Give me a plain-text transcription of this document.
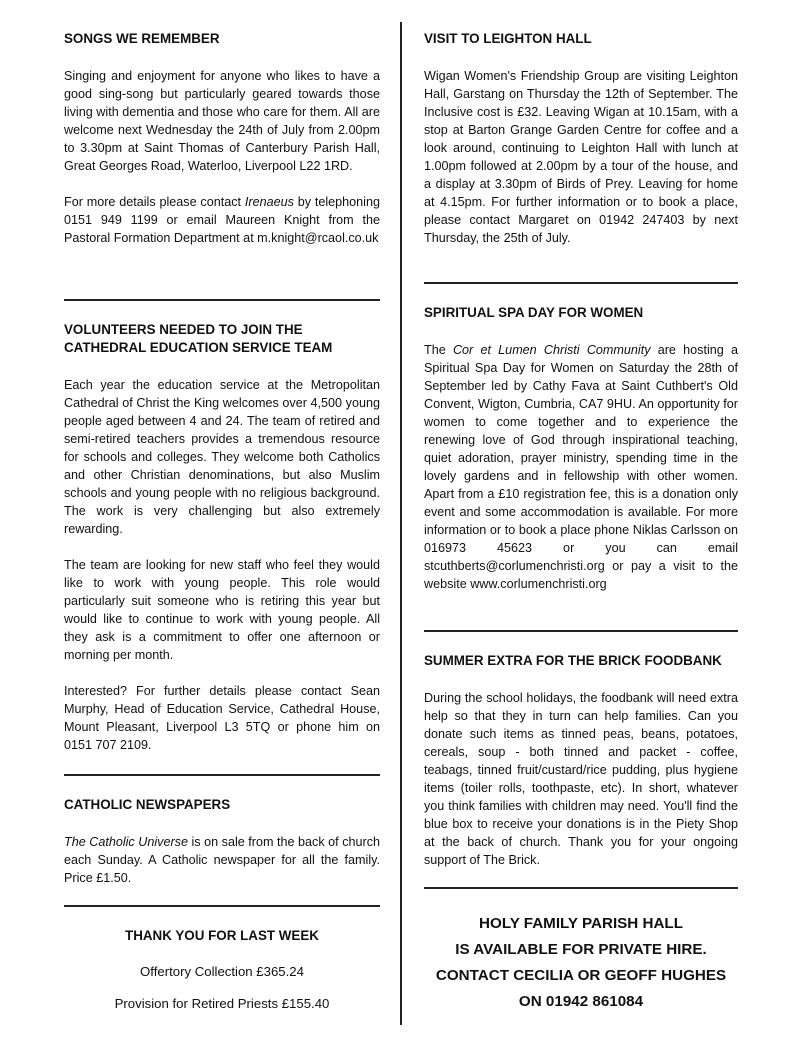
SONGS WE REMEMBER

Singing and enjoyment for anyone who likes to have a good sing-song but particularly geared towards those living with dementia and those who care for them. All are welcome next Wednesday the 24th of July from 2.00pm to 3.30pm at Saint Thomas of Canterbury Parish Hall, Great Georges Road, Waterloo, Liverpool L22 1RD.

For more details please contact Irenaeus by telephoning 0151 949 1199 or email Maureen Knight from the Pastoral Formation Department at m.knight@rcaol.co.uk

VOLUNTEERS NEEDED TO JOIN THE
CATHEDRAL EDUCATION SERVICE TEAM

Each year the education service at the Metropolitan Cathedral of Christ the King welcomes over 4,500 young people aged between 4 and 24. The team of retired and semi-retired teachers provides a tremendous resource for schools and colleges. They welcome both Catholics and other Christian denominations, but also Muslim schools and young people with no religious background. The work is very challenging but also extremely rewarding.

The team are looking for new staff who feel they would like to work with young people. This role would particularly suit someone who is retiring this year but would like to continue to work with young people. All they ask is a commitment to offer one afternoon or morning per month.

Interested? For further details please contact Sean Murphy, Head of Education Service, Cathedral House, Mount Pleasant, Liverpool L3 5TQ or phone him on 0151 707 2109.

CATHOLIC NEWSPAPERS

The Catholic Universe is on sale from the back of church each Sunday. A Catholic newspaper for all the family. Price £1.50.

THANK YOU FOR LAST WEEK
Offertory Collection £365.24
Provision for Retired Priests £155.40
VISIT TO LEIGHTON HALL

Wigan Women's Friendship Group are visiting Leighton Hall, Garstang on Thursday the 12th of September. The Inclusive cost is £32. Leaving Wigan at 10.15am, with a stop at Barton Grange Garden Centre for coffee and a look around, continuing to Leighton Hall with lunch at 1.00pm followed at 2.00pm by a tour of the house, and a display at 3.30pm of Birds of Prey. Leaving for home at 4.15pm. For further information or to book a place, please contact Margaret on 01942 247403 by next Thursday, the 25th of July.

SPIRITUAL SPA DAY FOR WOMEN

The Cor et Lumen Christi Community are hosting a Spiritual Spa Day for Women on Saturday the 28th of September led by Cathy Fava at Saint Cuthbert's Old Convent, Wigton, Cumbria, CA7 9HU. An opportunity for women to come together and to experience the renewing love of God through inspirational teaching, quiet adoration, prayer ministry, spending time in the lovely gardens and in fellowship with other women. Apart from a £10 registration fee, this is a donation only event and some accommodation is available. For more information or to book a place phone Niklas Carlsson on 016973 45623 or you can email stcuthberts@corlumenchristi.org or pay a visit to the website www.corlumenchristi.org

SUMMER EXTRA FOR THE BRICK FOODBANK

During the school holidays, the foodbank will need extra help so that they in turn can help families. Can you donate such items as tinned peas, beans, potatoes, cereals, soup - both tinned and packet - coffee, teabags, tinned fruit/custard/rice pudding, plus hygiene items (toiler rolls, toothpaste, etc). In short, whatever you think families with children may need. You'll find the blue box to receive your donations is in the Piety Shop at the back of church. Thank you for your ongoing support of The Brick.

HOLY FAMILY PARISH HALL
IS AVAILABLE FOR PRIVATE HIRE.
CONTACT CECILIA OR GEOFF HUGHES
ON 01942 861084
